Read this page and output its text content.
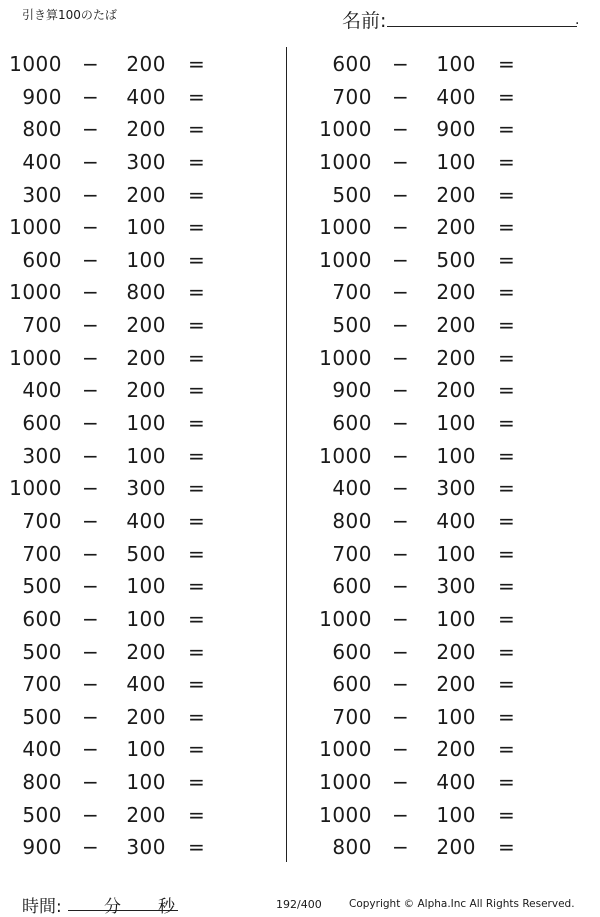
引き算100のたば	名前:	.
1000 −	200 =
900 −	400 =
800 −	200 =
400 −	300 =
300 −	200 =
1000 −	100 =
600 −	100 =
1000 −	800 =
700 −	200 =
1000 −	200 =
400 −	200 =
600 −	100 =
300 −	100 =
1000 −	300 =
700 −	400 =
700 −	500 =
500 −	100 =
600 −	100 =
500 −	200 =
700 −	400 =
500 −	200 =
400 −	100 =
800 −	100 =
500 −	200 =
900 −	300 =
600 −	100 =
700 −	400 =
1000 −	900 =
1000 −	100 =
500 −	200 =
1000 −	200 =
1000 −	500 =
700 −	200 =
500 −	200 =
1000 −	200 =
900 −	200 =
600 −	100 =
1000 −	100 =
400 −	300 =
800 −	400 =
700 −	100 =
600 −	300 =
1000 −	100 =
600 −	200 =
600 −	200 =
700 −	100 =
1000 −	200 =
1000 −	400 =
1000 −	100 =
800 −	200 =
時間: 分 秒	192/400	Copyright © Alpha.Inc All Rights Reserved.
